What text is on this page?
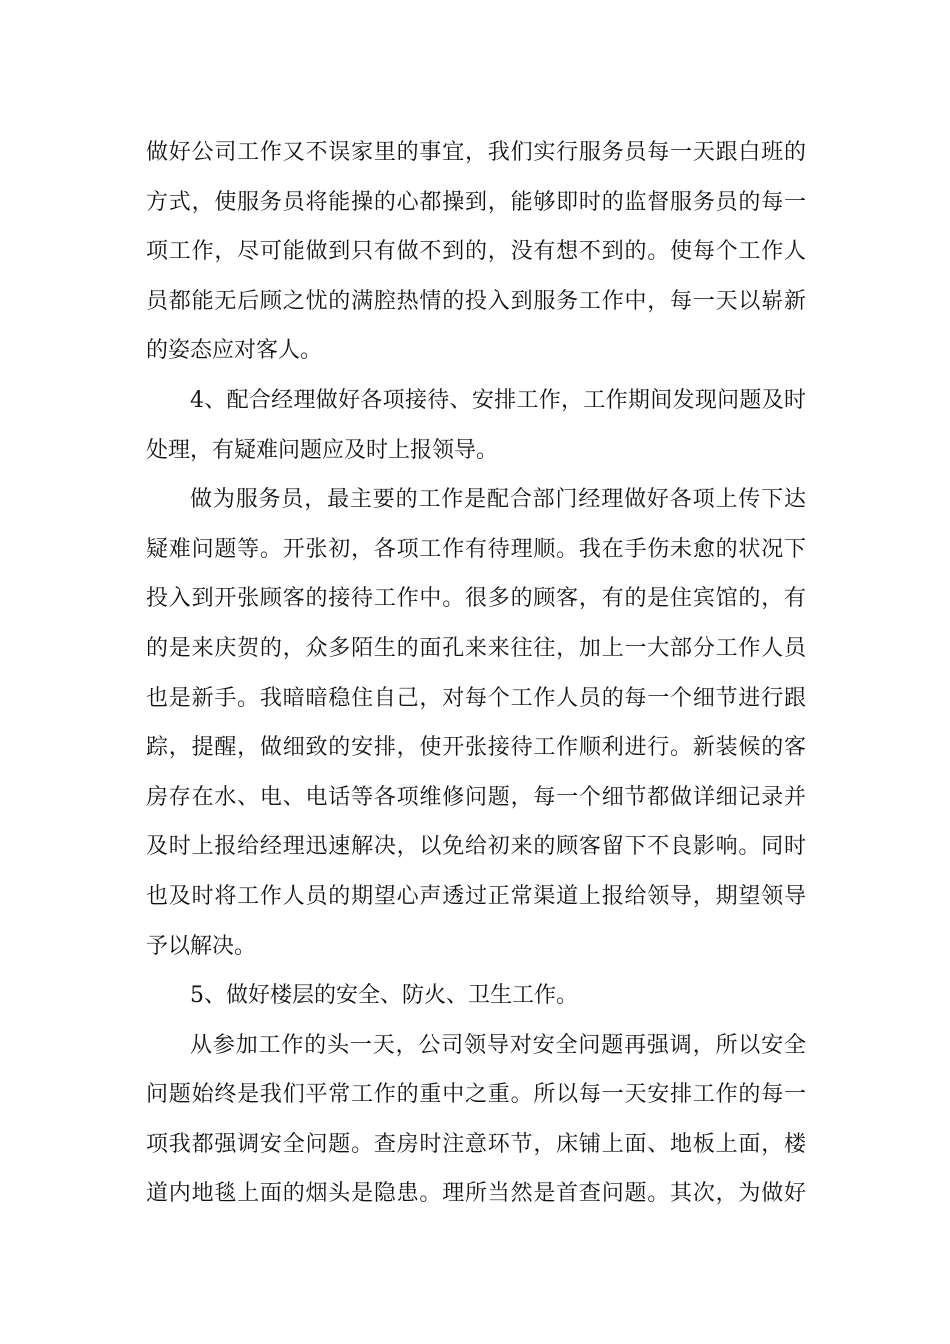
做好公司工作又不误家里的事宜，我们实行服务员每一天跟白班的
方式，使服务员将能操的心都操到，能够即时的监督服务员的每一
项工作，尽可能做到只有做不到的，没有想不到的。使每个工作人
员都能无后顾之忧的满腔热情的投入到服务工作中，每一天以崭新
的姿态应对客人。
4、配合经理做好各项接待、安排工作，工作期间发现问题及时
处理，有疑难问题应及时上报领导。
做为服务员，最主要的工作是配合部门经理做好各项上传下达
疑难问题等。开张初，各项工作有待理顺。我在手伤未愈的状况下
投入到开张顾客的接待工作中。很多的顾客，有的是住宾馆的，有
的是来庆贺的，众多陌生的面孔来来往往，加上一大部分工作人员
也是新手。我暗暗稳住自己，对每个工作人员的每一个细节进行跟
踪，提醒，做细致的安排，使开张接待工作顺利进行。新装候的客
房存在水、电、电话等各项维修问题，每一个细节都做详细记录并
及时上报给经理迅速解决，以免给初来的顾客留下不良影响。同时
也及时将工作人员的期望心声透过正常渠道上报给领导，期望领导
予以解决。
5、做好楼层的安全、防火、卫生工作。
从参加工作的头一天，公司领导对安全问题再强调，所以安全
问题始终是我们平常工作的重中之重。所以每一天安排工作的每一
项我都强调安全问题。查房时注意环节，床铺上面、地板上面，楼
道内地毯上面的烟头是隐患。理所当然是首查问题。其次，为做好
